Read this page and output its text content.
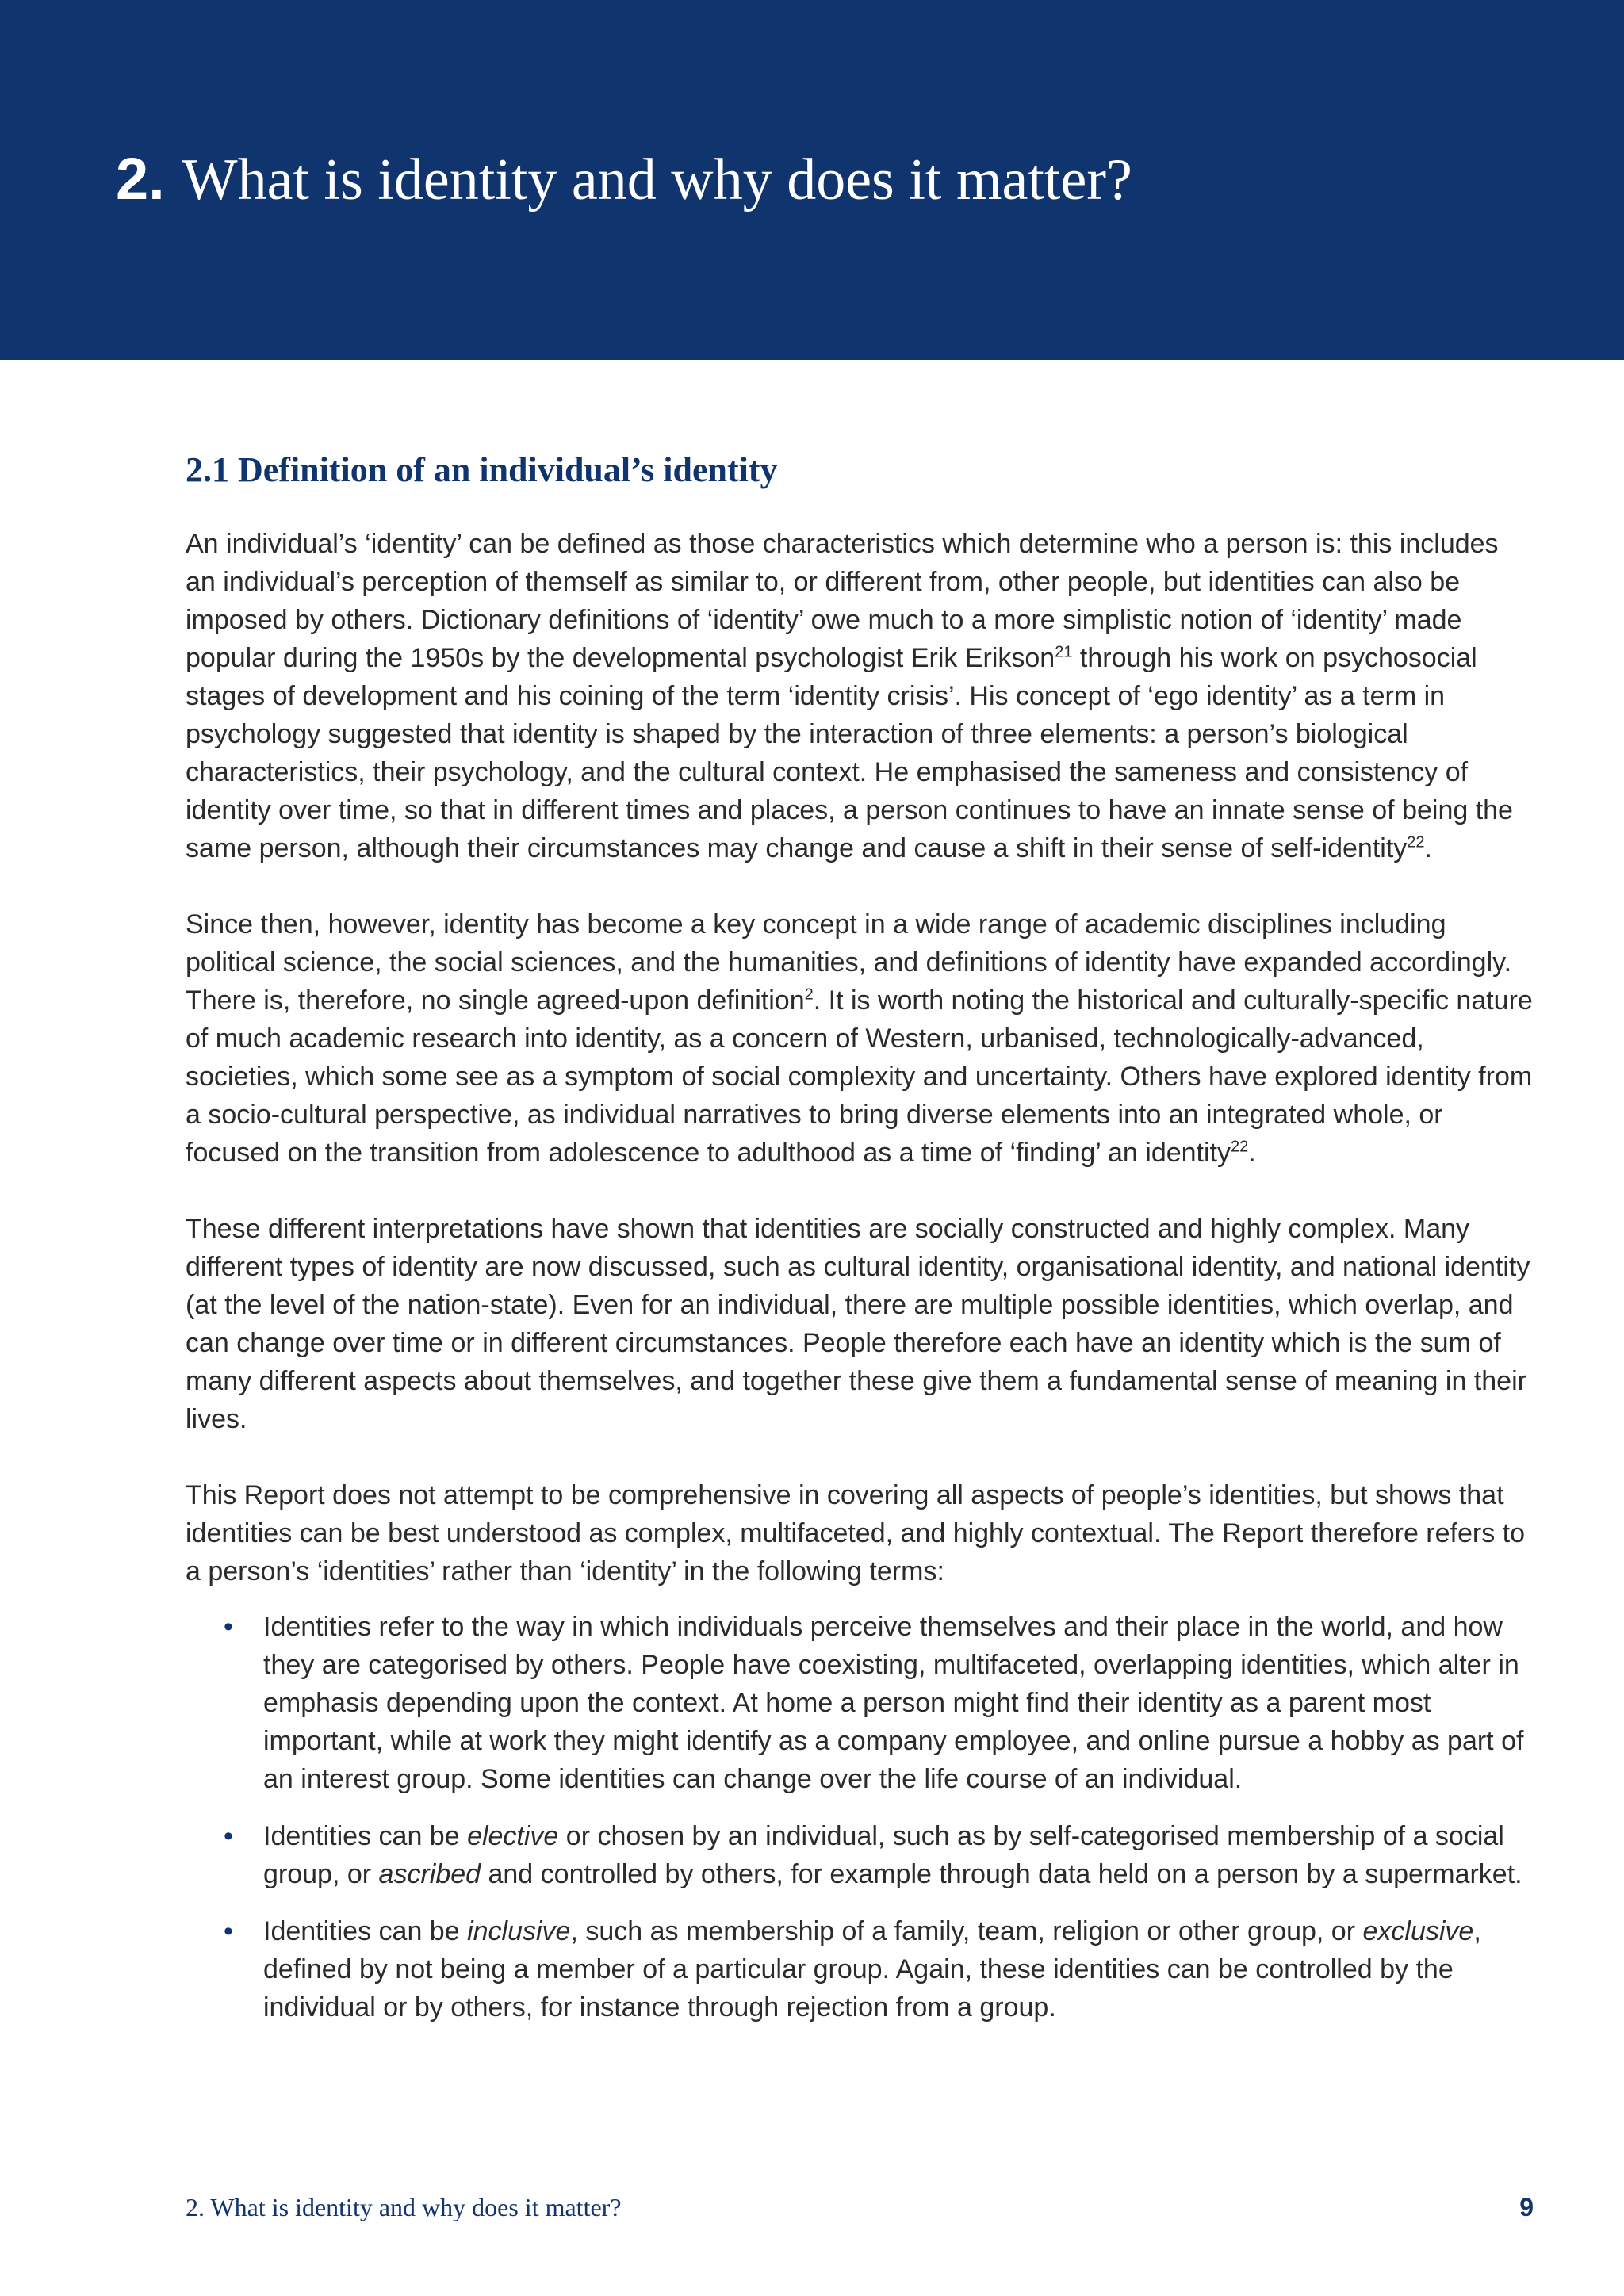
2. What is identity and why does it matter?
2.1 Definition of an individual’s identity

An individual’s ‘identity’ can be defined as those characteristics which determine who a person is: this includes an individual’s perception of themself as similar to, or different from, other people, but identities can also be imposed by others. Dictionary definitions of ‘identity’ owe much to a more simplistic notion of ‘identity’ made popular during the 1950s by the developmental psychologist Erik Erikson$^{21}$ through his work on psychosocial stages of development and his coining of the term ‘identity crisis’. His concept of ‘ego identity’ as a term in psychology suggested that identity is shaped by the interaction of three elements: a person’s biological characteristics, their psychology, and the cultural context. He emphasised the sameness and consistency of identity over time, so that in different times and places, a person continues to have an innate sense of being the same person, although their circumstances may change and cause a shift in their sense of self-identity$^{22}$.

Since then, however, identity has become a key concept in a wide range of academic disciplines including political science, the social sciences, and the humanities, and definitions of identity have expanded accordingly. There is, therefore, no single agreed-upon definition$^2$. It is worth noting the historical and culturally-specific nature of much academic research into identity, as a concern of Western, urbanised, technologically-advanced, societies, which some see as a symptom of social complexity and uncertainty. Others have explored identity from a socio-cultural perspective, as individual narratives to bring diverse elements into an integrated whole, or focused on the transition from adolescence to adulthood as a time of ‘finding’ an identity$^{22}$.

These different interpretations have shown that identities are socially constructed and highly complex. Many different types of identity are now discussed, such as cultural identity, organisational identity, and national identity (at the level of the nation-state). Even for an individual, there are multiple possible identities, which overlap, and can change over time or in different circumstances. People therefore each have an identity which is the sum of many different aspects about themselves, and together these give them a fundamental sense of meaning in their lives.

This Report does not attempt to be comprehensive in covering all aspects of people’s identities, but shows that identities can be best understood as complex, multifaceted, and highly contextual. The Report therefore refers to a person’s ‘identities’ rather than ‘identity’ in the following terms:

• Identities refer to the way in which individuals perceive themselves and their place in the world, and how they are categorised by others. People have coexisting, multifaceted, overlapping identities, which alter in emphasis depending upon the context. At home a person might find their identity as a parent most important, while at work they might identify as a company employee, and online pursue a hobby as part of an interest group. Some identities can change over the life course of an individual.
• Identities can be elective or chosen by an individual, such as by self-categorised membership of a social group, or ascribed and controlled by others, for example through data held on a person by a supermarket.
• Identities can be inclusive, such as membership of a family, team, religion or other group, or exclusive, defined by not being a member of a particular group. Again, these identities can be controlled by the individual or by others, for instance through rejection from a group.

2. What is identity and why does it matter?	9
